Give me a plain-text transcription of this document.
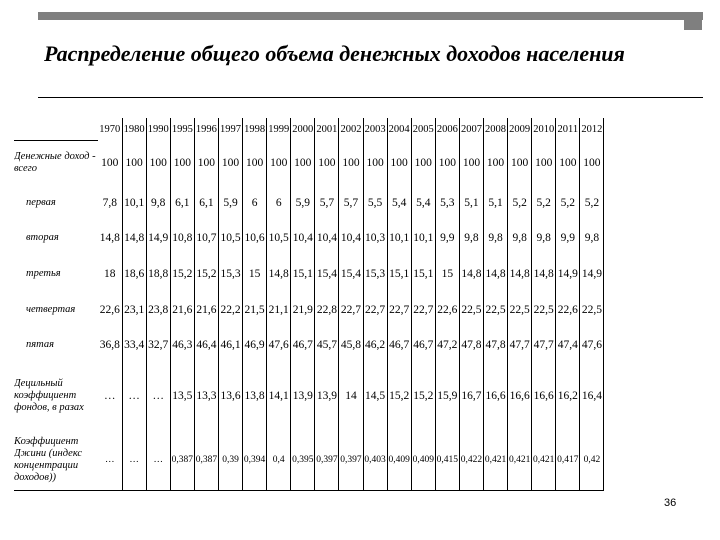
Распределение общего объема денежных доходов населения
	1970	1980	1990	1995	1996	1997	1998	1999	2000	2001	2002	2003	2004	2005	2006	2007	2008	2009	2010	2011	2012
Денежные доход - всего	100	100	100	100	100	100	100	100	100	100	100	100	100	100	100	100	100	100	100	100	100
первая	7,8	10,1	9,8	6,1	6,1	5,9	6	6	5,9	5,7	5,7	5,5	5,4	5,4	5,3	5,1	5,1	5,2	5,2	5,2	5,2
вторая	14,8	14,8	14,9	10,8	10,7	10,5	10,6	10,5	10,4	10,4	10,4	10,3	10,1	10,1	9,9	9,8	9,8	9,8	9,8	9,9	9,8
третья	18	18,6	18,8	15,2	15,2	15,3	15	14,8	15,1	15,4	15,4	15,3	15,1	15,1	15	14,8	14,8	14,8	14,8	14,9	14,9
четвертая	22,6	23,1	23,8	21,6	21,6	22,2	21,5	21,1	21,9	22,8	22,7	22,7	22,7	22,7	22,6	22,5	22,5	22,5	22,5	22,6	22,5
пятая	36,8	33,4	32,7	46,3	46,4	46,1	46,9	47,6	46,7	45,7	45,8	46,2	46,7	46,7	47,2	47,8	47,8	47,7	47,7	47,4	47,6
Децильный коэффициент фондов, в разах	…	…	…	13,5	13,3	13,6	13,8	14,1	13,9	13,9	14	14,5	15,2	15,2	15,9	16,7	16,6	16,6	16,6	16,2	16,4
Коэффициент Джини (индекс концентрации доходов))	…	…	…	0,387	0,387	0,39	0,394	0,4	0,395	0,397	0,397	0,403	0,409	0,409	0,415	0,422	0,421	0,421	0,421	0,417	0,42
36
